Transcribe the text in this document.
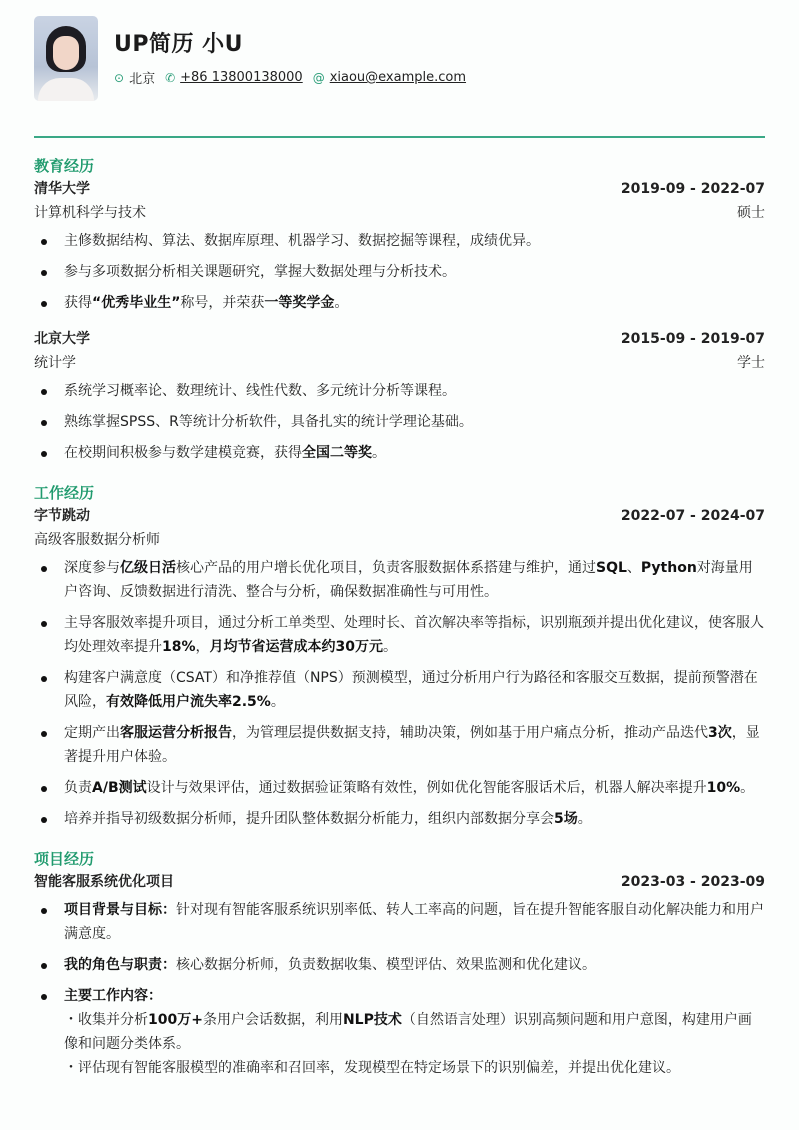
UP简历 小U
⊙ 北京 ✆ +86 13800138000 @ xiaou@example.com
教育经历
清华大学	2019-09 - 2022-07
计算机科学与技术	硕士
主修数据结构、算法、数据库原理、机器学习、数据挖掘等课程，成绩优异。
参与多项数据分析相关课题研究，掌握大数据处理与分析技术。
获得“优秀毕业生”称号，并荣获一等奖学金。
北京大学	2015-09 - 2019-07
统计学	学士
系统学习概率论、数理统计、线性代数、多元统计分析等课程。
熟练掌握SPSS、R等统计分析软件，具备扎实的统计学理论基础。
在校期间积极参与数学建模竞赛，获得全国二等奖。
工作经历
字节跳动	2022-07 - 2024-07
高级客服数据分析师
深度参与亿级日活核心产品的用户增长优化项目，负责客服数据体系搭建与维护，通过SQL、Python对海量用户咨询、反馈数据进行清洗、整合与分析，确保数据准确性与可用性。
主导客服效率提升项目，通过分析工单类型、处理时长、首次解决率等指标，识别瓶颈并提出优化建议，使客服人均处理效率提升18%，月均节省运营成本约30万元。
构建客户满意度（CSAT）和净推荐值（NPS）预测模型，通过分析用户行为路径和客服交互数据，提前预警潜在风险，有效降低用户流失率2.5%。
定期产出客服运营分析报告，为管理层提供数据支持，辅助决策，例如基于用户痛点分析，推动产品迭代3次，显著提升用户体验。
负责A/B测试设计与效果评估，通过数据验证策略有效性，例如优化智能客服话术后，机器人解决率提升10%。
培养并指导初级数据分析师，提升团队整体数据分析能力，组织内部数据分享会5场。
项目经历
智能客服系统优化项目	2023-03 - 2023-09
项目背景与目标：针对现有智能客服系统识别率低、转人工率高的问题，旨在提升智能客服自动化解决能力和用户满意度。
我的角色与职责：核心数据分析师，负责数据收集、模型评估、效果监测和优化建议。
主要工作内容：
・ 收集并分析100万+条用户会话数据，利用NLP技术（自然语言处理）识别高频问题和用户意图，构建用户画像和问题分类体系。
・ 评估现有智能客服模型的准确率和召回率，发现模型在特定场景下的识别偏差，并提出优化建议。
